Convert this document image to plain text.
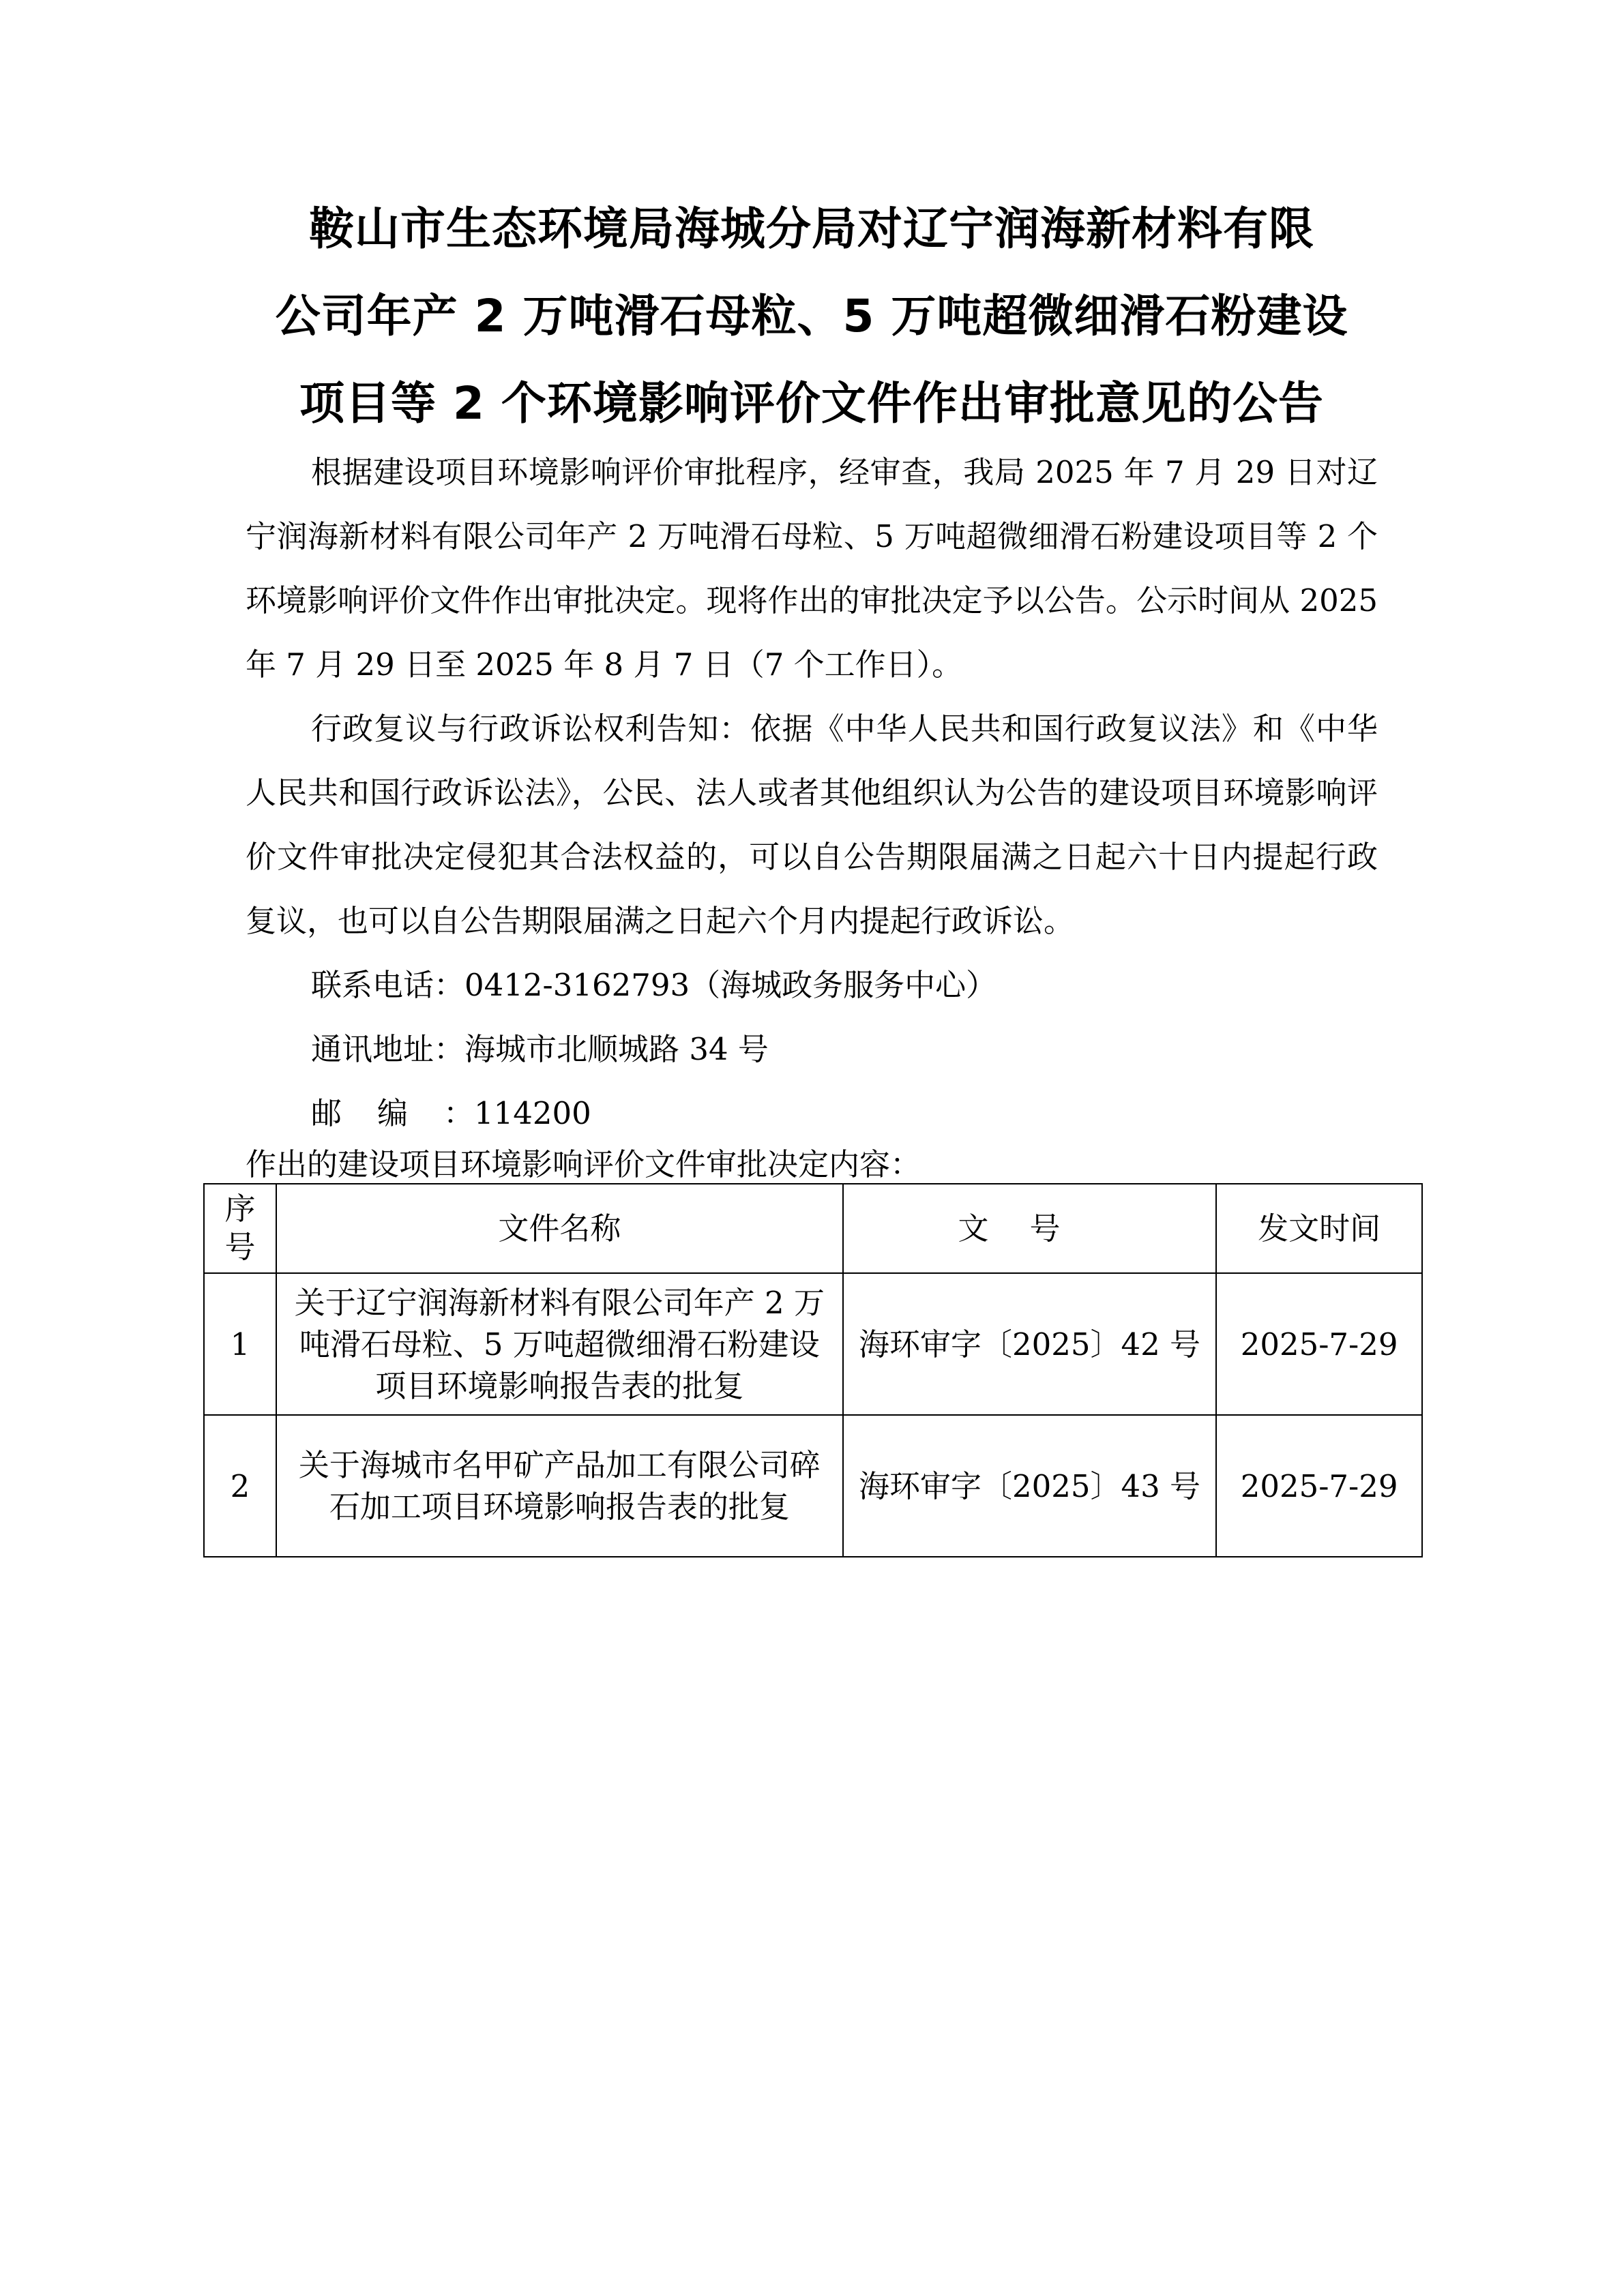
鞍山市生态环境局海城分局对辽宁润海新材料有限
公司年产 2 万吨滑石母粒、5 万吨超微细滑石粉建设
项目等 2 个环境影响评价文件作出审批意见的公告

根据建设项目环境影响评价审批程序，经审查，我局 2025 年 7 月 29 日对辽宁润海新材料有限公司年产 2 万吨滑石母粒、5 万吨超微细滑石粉建设项目等 2 个环境影响评价文件作出审批决定。现将作出的审批决定予以公告。公示时间从 2025 年 7 月 29 日至 2025 年 8 月 7 日（7 个工作日）。

行政复议与行政诉讼权利告知：依据《中华人民共和国行政复议法》和《中华人民共和国行政诉讼法》，公民、法人或者其他组织认为公告的建设项目环境影响评价文件审批决定侵犯其合法权益的，可以自公告期限届满之日起六十日内提起行政复议，也可以自公告期限届满之日起六个月内提起行政诉讼。

联系电话：0412-3162793（海城政务服务中心）

通讯地址：海城市北顺城路 34 号

邮编：114200

作出的建设项目环境影响评价文件审批决定内容：

序号	文件名称	文号	发文时间
1	关于辽宁润海新材料有限公司年产 2 万吨滑石母粒、5 万吨超微细滑石粉建设项目环境影响报告表的批复	海环审字〔2025〕42 号	2025-7-29
2	关于海城市名甲矿产品加工有限公司碎石加工项目环境影响报告表的批复	海环审字〔2025〕43 号	2025-7-29
